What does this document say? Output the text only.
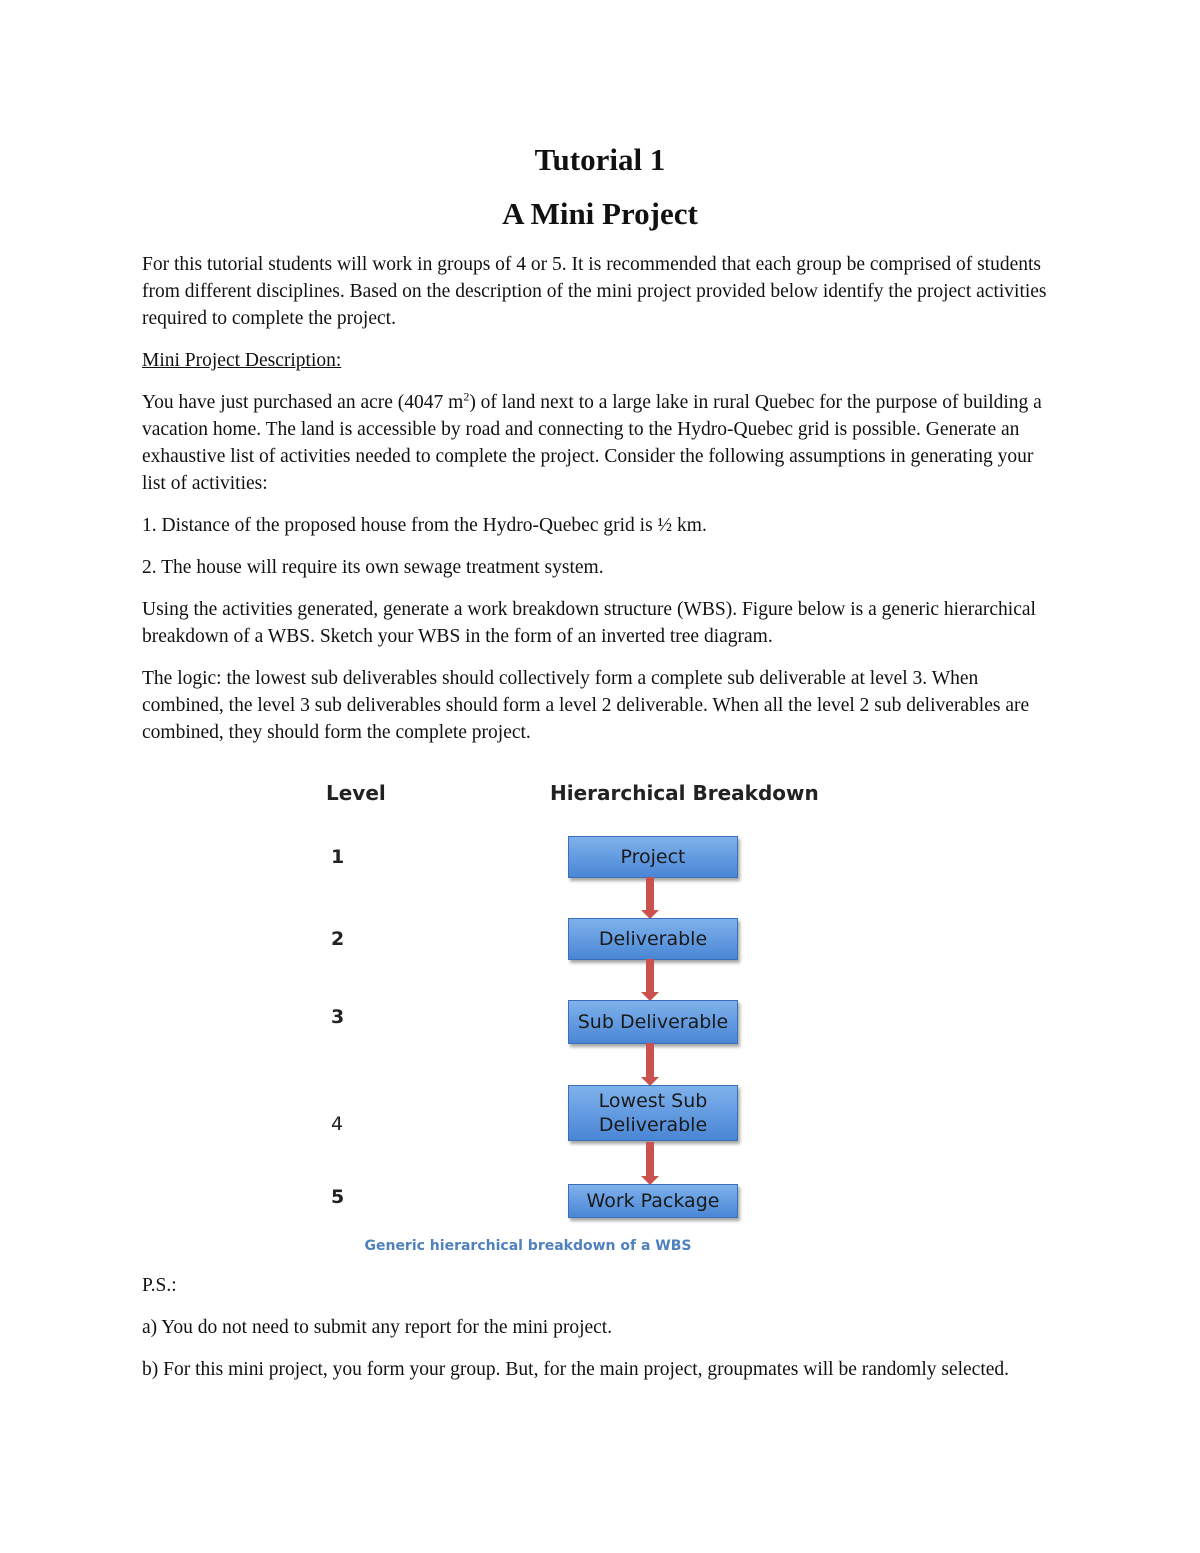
Tutorial 1
A Mini Project

For this tutorial students will work in groups of 4 or 5. It is recommended that each group be comprised of students from different disciplines. Based on the description of the mini project provided below identify the project activities required to complete the project.

Mini Project Description:

You have just purchased an acre (4047 $m^2$) of land next to a large lake in rural Quebec for the purpose of building a vacation home. The land is accessible by road and connecting to the Hydro-Quebec grid is possible. Generate an exhaustive list of activities needed to complete the project. Consider the following assumptions in generating your list of activities:

1. Distance of the proposed house from the Hydro-Quebec grid is ½ km.

2. The house will require its own sewage treatment system.

Using the activities generated, generate a work breakdown structure (WBS). Figure below is a generic hierarchical breakdown of a WBS. Sketch your WBS in the form of an inverted tree diagram.

The logic: the lowest sub deliverables should collectively form a complete sub deliverable at level 3. When combined, the level 3 sub deliverables should form a level 2 deliverable. When all the level 2 sub deliverables are combined, they should form the complete project.

Level	Hierarchical Breakdown
1
2
3
4
5
Project
Deliverable
Sub Deliverable
Lowest Sub Deliverable
Work Package
Generic hierarchical breakdown of a WBS

P.S.:

a) You do not need to submit any report for the mini project.

b) For this mini project, you form your group. But, for the main project, groupmates will be randomly selected.
